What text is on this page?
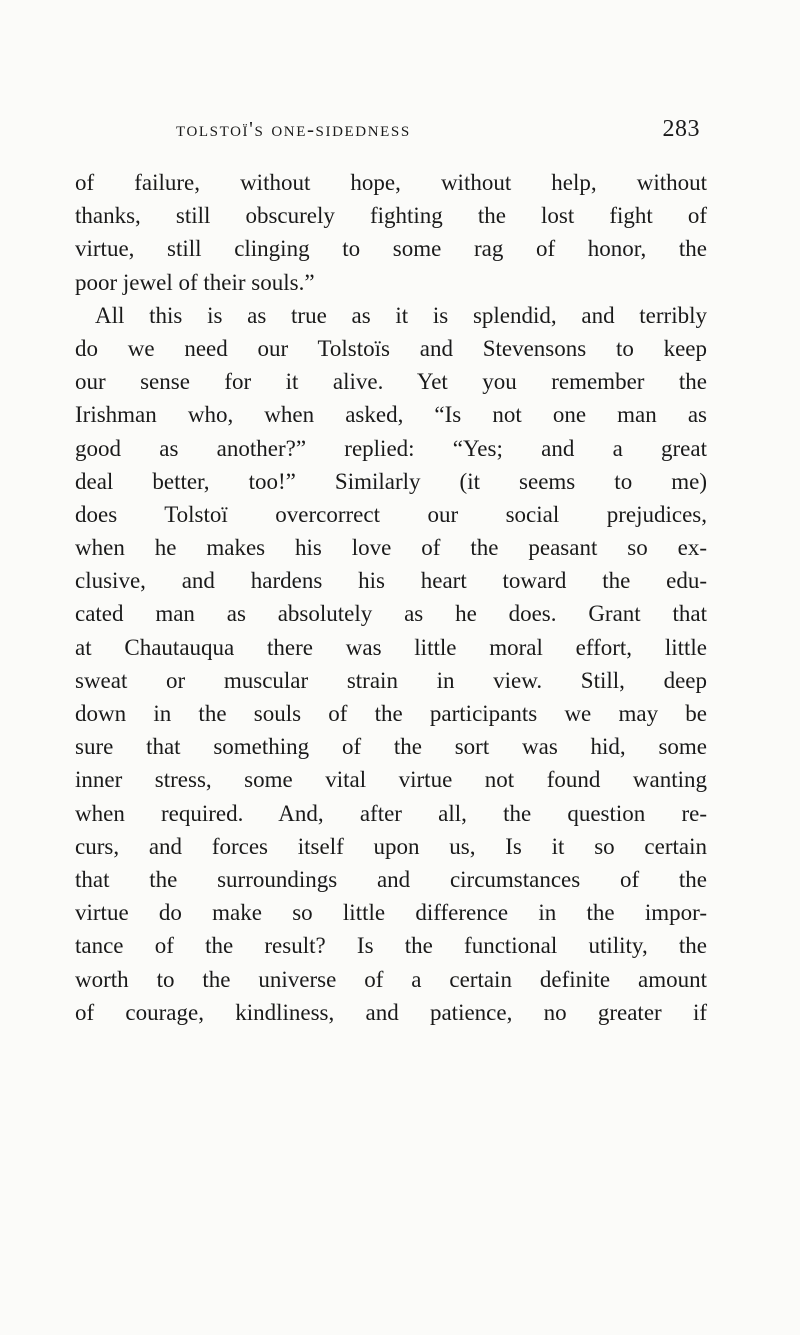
tolstoï's one-sidedness	283
of failure, without hope, without help, without
thanks, still obscurely fighting the lost fight of
virtue, still clinging to some rag of honor, the
poor jewel of their souls.”
All this is as true as it is splendid, and terribly
do we need our Tolstoïs and Stevensons to keep
our sense for it alive. Yet you remember the
Irishman who, when asked, “Is not one man as
good as another?” replied: “Yes; and a great
deal better, too!” Similarly (it seems to me)
does Tolstoï overcorrect our social prejudices,
when he makes his love of the peasant so ex-
clusive, and hardens his heart toward the edu-
cated man as absolutely as he does. Grant that
at Chautauqua there was little moral effort, little
sweat or muscular strain in view. Still, deep
down in the souls of the participants we may be
sure that something of the sort was hid, some
inner stress, some vital virtue not found wanting
when required. And, after all, the question re-
curs, and forces itself upon us, Is it so certain
that the surroundings and circumstances of the
virtue do make so little difference in the impor-
tance of the result? Is the functional utility, the
worth to the universe of a certain definite amount
of courage, kindliness, and patience, no greater if
